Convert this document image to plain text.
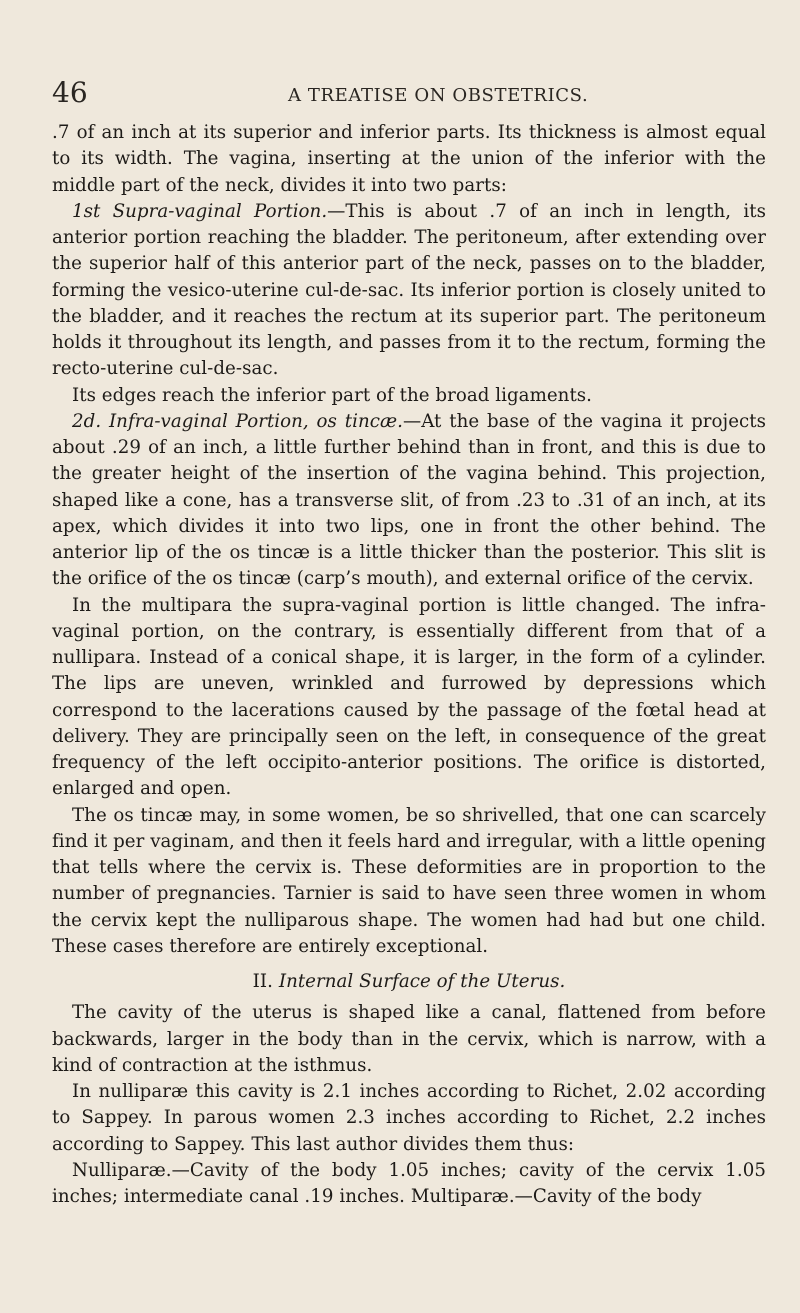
46	A TREATISE ON OBSTETRICS.

.7 of an inch at its superior and inferior parts. Its thickness is almost equal to its width. The vagina, inserting at the union of the inferior with the middle part of the neck, divides it into two parts:

1st Supra-vaginal Portion.—This is about .7 of an inch in length, its anterior portion reaching the bladder. The peritoneum, after extending over the superior half of this anterior part of the neck, passes on to the bladder, forming the vesico-uterine cul-de-sac. Its inferior portion is closely united to the bladder, and it reaches the rectum at its superior part. The peritoneum holds it throughout its length, and passes from it to the rectum, forming the recto-uterine cul-de-sac.

Its edges reach the inferior part of the broad ligaments.

2d. Infra-vaginal Portion, os tincæ.—At the base of the vagina it projects about .29 of an inch, a little further behind than in front, and this is due to the greater height of the insertion of the vagina behind. This projection, shaped like a cone, has a transverse slit, of from .23 to .31 of an inch, at its apex, which divides it into two lips, one in front the other behind. The anterior lip of the os tincæ is a little thicker than the posterior. This slit is the orifice of the os tincæ (carp’s mouth), and external orifice of the cervix.

In the multipara the supra-vaginal portion is little changed. The infra-vaginal portion, on the contrary, is essentially different from that of a nullipara. Instead of a conical shape, it is larger, in the form of a cylinder. The lips are uneven, wrinkled and furrowed by depressions which correspond to the lacerations caused by the passage of the fœtal head at delivery. They are principally seen on the left, in consequence of the great frequency of the left occipito-anterior positions. The orifice is distorted, enlarged and open.

The os tincæ may, in some women, be so shrivelled, that one can scarcely find it per vaginam, and then it feels hard and irregular, with a little opening that tells where the cervix is. These deformities are in proportion to the number of pregnancies. Tarnier is said to have seen three women in whom the cervix kept the nulliparous shape. The women had had but one child. These cases therefore are entirely exceptional.

II. Internal Surface of the Uterus.

The cavity of the uterus is shaped like a canal, flattened from before backwards, larger in the body than in the cervix, which is narrow, with a kind of contraction at the isthmus.

In nulliparæ this cavity is 2.1 inches according to Richet, 2.02 according to Sappey. In parous women 2.3 inches according to Richet, 2.2 inches according to Sappey. This last author divides them thus:

Nulliparæ.—Cavity of the body 1.05 inches; cavity of the cervix 1.05 inches; intermediate canal .19 inches. Multiparæ.—Cavity of the body
